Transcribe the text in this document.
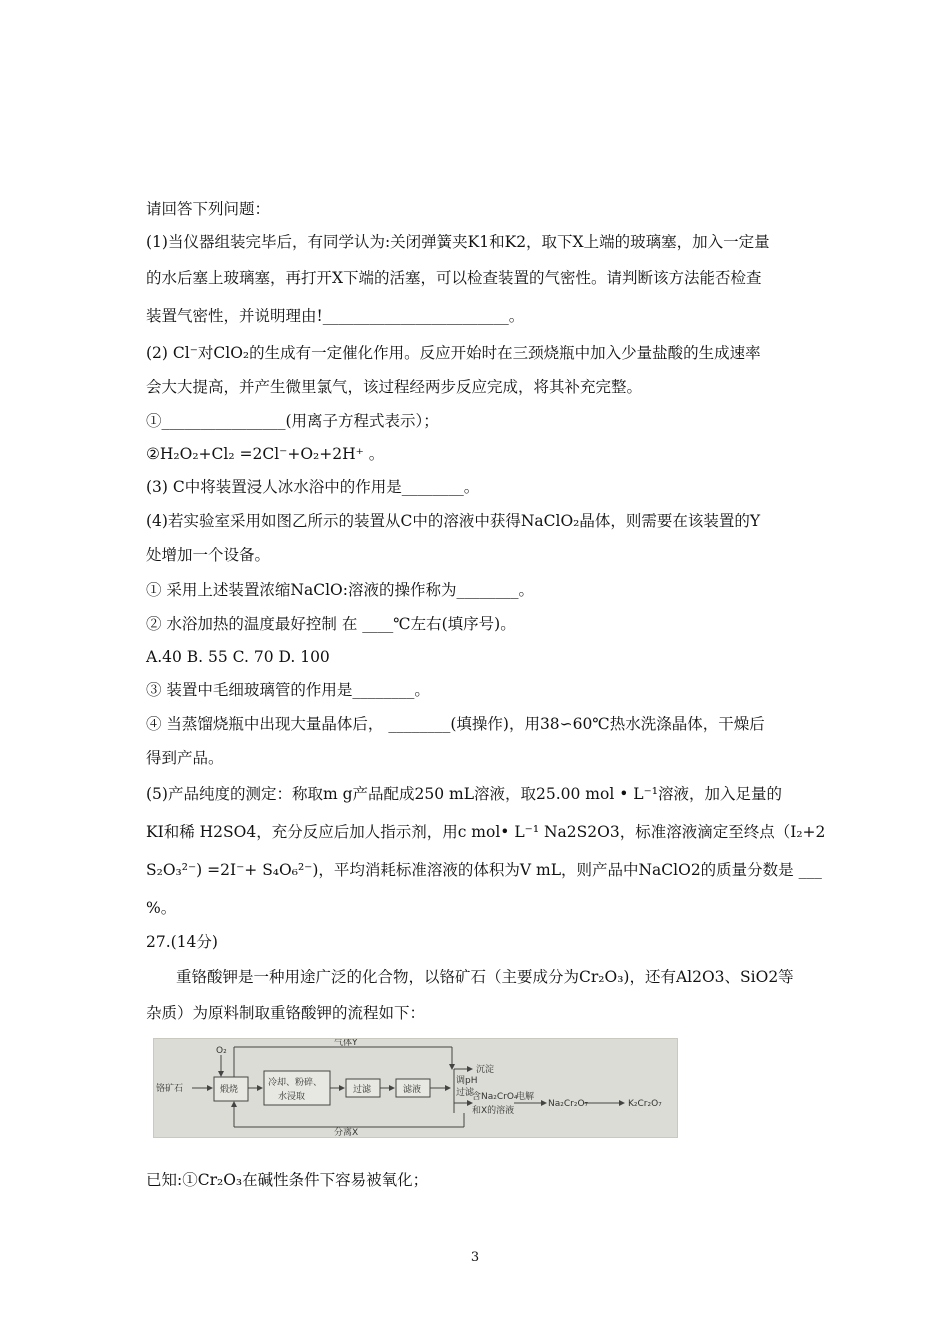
请回答下列问题：
(1)当仪器组装完毕后，有同学认为:关闭弹簧夹K1和K2，取下X上端的玻璃塞，加入一定量
的水后塞上玻璃塞，再打开X下端的活塞，可以检查装置的气密性。请判断该方法能否检查
装置气密性，并说明理由!________________________。
(2) Cl⁻对ClO₂的生成有一定催化作用。反应开始时在三颈烧瓶中加入少量盐酸的生成速率
会大大提高，并产生微里氯气，该过程经两步反应完成，将其补充完整。
①________________(用离子方程式表示）；
②H₂O₂+Cl₂ =2Cl⁻+O₂+2H⁺ 。
(3) C中将装置浸人冰水浴中的作用是________。
(4)若实验室采用如图乙所示的装置从C中的溶液中获得NaClO₂晶体，则需要在该装置的Y
处增加一个设备。
① 采用上述装置浓缩NaClO:溶液的操作称为________。
② 水浴加热的温度最好控制 在 ____℃左右(填序号)。
A.40 B. 55 C. 70 D. 100
③ 装置中毛细玻璃管的作用是________。
④ 当蒸馏烧瓶中出现大量晶体后， ________(填操作)，用38∽60℃热水洗涤晶体，干燥后
得到产品。
(5)产品纯度的测定：称取m g产品配成250 mL溶液，取25.00 mol • L⁻¹溶液，加入足量的
KI和稀 H2SO4，充分反应后加人指示剂，用c mol• L⁻¹ Na2S2O3，标准溶液滴定至终点（I₂+2
S₂O₃²⁻) =2I⁻+ S₄O₆²⁻)，平均消耗标准溶液的体积为V mL，则产品中NaClO2的质量分数是 ___
%。
27.(14分)
重铬酸钾是一种用途广泛的化合物，以铬矿石（主要成分为Cr₂O₃)，还有Al2O3、SiO2等
杂质）为原料制取重铬酸钾的流程如下：
铬矿石
O₂
煅烧
气体Y
冷却、粉碎、
水浸取
过滤	滤液
调pH
过滤
沉淀
含Na₂CrO₄
和X的溶液
电解
Na₂Cr₂O₇	K₂Cr₂O₇
分离X
已知:①Cr₂O₃在碱性条件下容易被氧化；
3
